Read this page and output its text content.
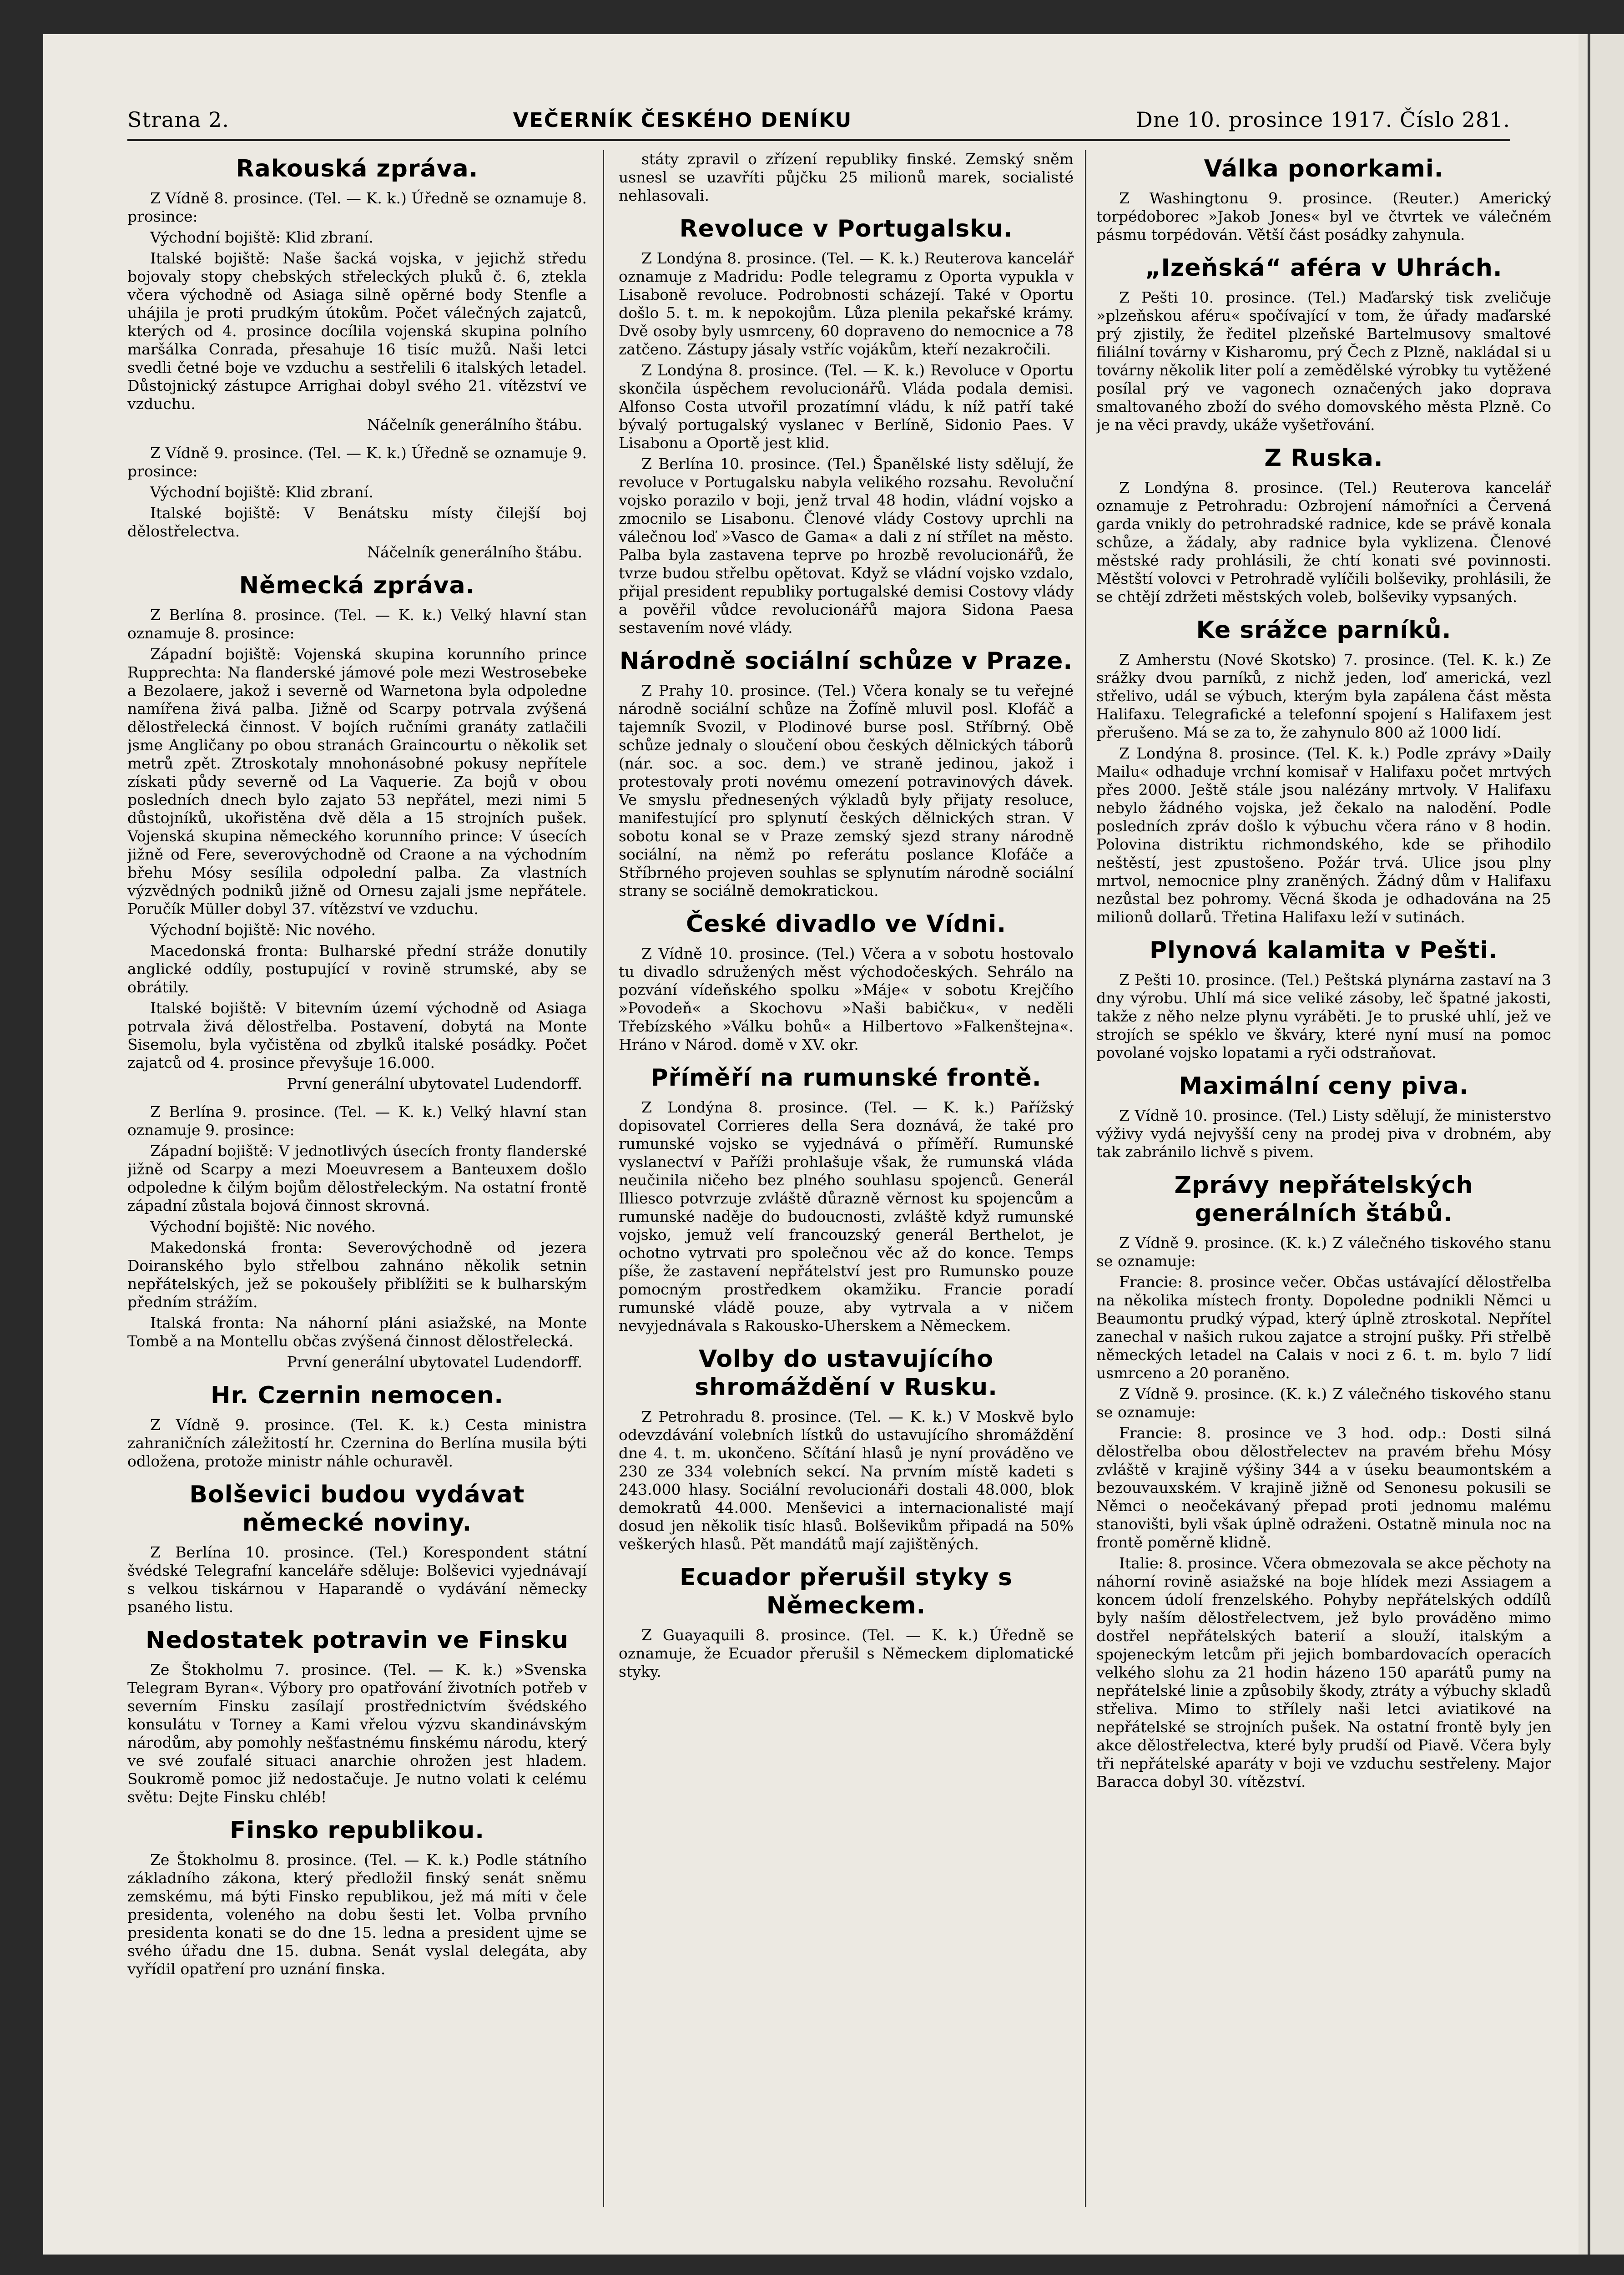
Strana 2.	VEČERNÍK ČESKÉHO DENÍKU	Dne 10. prosince 1917. Číslo 281.
Rakouská zpráva.

Z Vídně 8. prosince. (Tel. — K. k.) Úředně se oznamuje 8. prosince:

Východní bojiště: Klid zbraní.

Italské bojiště: Naše šacká vojska, v jejichž středu bojovaly stopy chebských střeleckých pluků č. 6, ztekla včera východně od Asiaga silně opěrné body Stenfle a uhájila je proti prudkým útokům. Počet válečných zajatců, kterých od 4. prosince docílila vojenská skupina polního maršálka Conrada, přesahuje 16 tisíc mužů. Naši letci svedli četné boje ve vzduchu a sestřelili 6 italských letadel. Důstojnický zástupce Arrighai dobyl svého 21. vítězství ve vzduchu.

Náčelník generálního štábu.

Z Vídně 9. prosince. (Tel. — K. k.) Úředně se oznamuje 9. prosince:

Východní bojiště: Klid zbraní.

Italské bojiště: V Benátsku místy čilejší boj dělostřelectva.

Náčelník generálního štábu.
Německá zpráva.

Z Berlína 8. prosince. (Tel. — K. k.) Velký hlavní stan oznamuje 8. prosince:

Západní bojiště: Vojenská skupina korunního prince Rupprechta: Na flanderské jámové pole mezi Westrosebeke a Bezolaere, jakož i severně od Warnetona byla odpoledne namířena živá palba. Jižně od Scarpy potrvala zvýšená dělostřelecká činnost. V bojích ručními granáty zatlačili jsme Angličany po obou stranách Graincourtu o několik set metrů zpět. Ztroskotaly mnohonásobné pokusy nepřítele získati půdy severně od La Vaquerie. Za bojů v obou posledních dnech bylo zajato 53 nepřátel, mezi nimi 5 důstojníků, ukořistěna dvě děla a 15 strojních pušek. Vojenská skupina německého korunního prince: V úsecích jižně od Fere, severovýchodně od Craone a na východním břehu Mósy sesílila odpolední palba. Za vlastních výzvědných podniků jižně od Ornesu zajali jsme nepřátele. Poručík Müller dobyl 37. vítězství ve vzduchu.

Východní bojiště: Nic nového.

Macedonská fronta: Bulharské přední stráže donutily anglické oddíly, postupující v rovině strumské, aby se obrátily.

Italské bojiště: V bitevním území východně od Asiaga potrvala živá dělostřelba. Postavení, dobytá na Monte Sisemolu, byla vyčistěna od zbylků italské posádky. Počet zajatců od 4. prosince převyšuje 16.000.

První generální ubytovatel Ludendorff.

Z Berlína 9. prosince. (Tel. — K. k.) Velký hlavní stan oznamuje 9. prosince:

Západní bojiště: V jednotlivých úsecích fronty flanderské jižně od Scarpy a mezi Moeuvresem a Banteuxem došlo odpoledne k čilým bojům dělostřeleckým. Na ostatní frontě západní zůstala bojová činnost skrovná.

Východní bojiště: Nic nového.

Makedonská fronta: Severovýchodně od jezera Doiranského bylo střelbou zahnáno několik setnin nepřátelských, jež se pokoušely přiblížiti se k bulharským předním strážím.

Italská fronta: Na náhorní pláni asiažské, na Monte Tombě a na Montellu občas zvýšená činnost dělostřelecká.

První generální ubytovatel Ludendorff.
Hr. Czernin nemocen.

Z Vídně 9. prosince. (Tel. K. k.) Cesta ministra zahraničních záležitostí hr. Czernina do Berlína musila býti odložena, protože ministr náhle ochuravěl.

Bolševici budou vydávat německé noviny.

Z Berlína 10. prosince. (Tel.) Korespondent státní švédské Telegrafní kanceláře sděluje: Bolševici vyjednávají s velkou tiskárnou v Haparandě o vydávání německy psaného listu.

Nedostatek potravin ve Finsku

Ze Štokholmu 7. prosince. (Tel. — K. k.) »Svenska Telegram Byran«. Výbory pro opatřování životních potřeb v severním Finsku zasílají prostřednictvím švédského konsulátu v Torney a Kami vřelou výzvu skandinávským národům, aby pomohly nešťastnému finskému národu, který ve své zoufalé situaci anarchie ohrožen jest hladem. Soukromě pomoc již nedostačuje. Je nutno volati k celému světu: Dejte Finsku chléb!

Finsko republikou.

Ze Štokholmu 8. prosince. (Tel. — K. k.) Podle státního základního zákona, který předložil finský senát sněmu zemskému, má býti Finsko republikou, jež má míti v čele presidenta, voleného na dobu šesti let. Volba prvního presidenta konati se do dne 15. ledna a president ujme se svého úřadu dne 15. dubna. Senát vyslal delegáta, aby vyřídil opatření pro uznání finska.

státy zpravil o zřízení republiky finské. Zemský sněm usnesl se uzavříti půjčku 25 milionů marek, socialisté nehlasovali.

Revoluce v Portugalsku.

Z Londýna 8. prosince. (Tel. — K. k.) Reuterova kancelář oznamuje z Madridu: Podle telegramu z Oporta vypukla v Lisaboně revoluce. Podrobnosti scházejí. Také v Oportu došlo 5. t. m. k nepokojům. Lůza plenila pekařské krámy. Dvě osoby byly usmrceny, 60 dopraveno do nemocnice a 78 zatčeno. Zástupy jásaly vstříc vojákům, kteří nezakročili.

Z Londýna 8. prosince. (Tel. — K. k.) Revoluce v Oportu skončila úspěchem revolucionářů. Vláda podala demisi. Alfonso Costa utvořil prozatímní vládu, k níž patří také bývalý portugalský vyslanec v Berlíně, Sidonio Paes. V Lisabonu a Oportě jest klid.

Z Berlína 10. prosince. (Tel.) Španělské listy sdělují, že revoluce v Portugalsku nabyla velikého rozsahu. Revoluční vojsko porazilo v boji, jenž trval 48 hodin, vládní vojsko a zmocnilo se Lisabonu. Členové vlády Costovy uprchli na válečnou loď »Vasco de Gama« a dali z ní střílet na město. Palba byla zastavena teprve po hrozbě revolucionářů, že tvrze budou střelbu opětovat. Když se vládní vojsko vzdalo, přijal president republiky portugalské demisi Costovy vlády a pověřil vůdce revolucionářů majora Sidona Paesa sestavením nové vlády.

Národně sociální schůze v Praze.

Z Prahy 10. prosince. (Tel.) Včera konaly se tu veřejné národně sociální schůze na Žofíně mluvil posl. Klofáč a tajemník Svozil, v Plodinové burse posl. Stříbrný. Obě schůze jednaly o sloučení obou českých dělnických táborů (nár. soc. a soc. dem.) ve straně jedinou, jakož i protestovaly proti novému omezení potravinových dávek. Ve smyslu přednesených výkladů byly přijaty resoluce, manifestující pro splynutí českých dělnických stran. V sobotu konal se v Praze zemský sjezd strany národně sociální, na němž po referátu poslance Klofáče a Stříbrného projeven souhlas se splynutím národně sociální strany se sociálně demokratickou.

České divadlo ve Vídni.

Z Vídně 10. prosince. (Tel.) Včera a v sobotu hostovalo tu divadlo sdružených měst východočeských. Sehrálo na pozvání vídeňského spolku »Máje« v sobotu Krejčího »Povodeň« a Skochovu »Naši babičku«, v neděli Třebízského »Válku bohů« a Hilbertovo »Falkenštejna«. Hráno v Národ. domě v XV. okr.

Příměří na rumunské frontě.

Z Londýna 8. prosince. (Tel. — K. k.) Pařížský dopisovatel Corrieres della Sera doznává, že také pro rumunské vojsko se vyjednává o příměří. Rumunské vyslanectví v Paříži prohlašuje však, že rumunská vláda neučinila ničeho bez plného souhlasu spojenců. Generál Illiesco potvrzuje zvláště důrazně věrnost ku spojencům a rumunské naděje do budoucnosti, zvláště když rumunské vojsko, jemuž velí francouzský generál Berthelot, je ochotno vytrvati pro společnou věc až do konce. Temps píše, že zastavení nepřátelství jest pro Rumunsko pouze pomocným prostředkem okamžiku. Francie poradí rumunské vládě pouze, aby vytrvala a v ničem nevyjednávala s Rakousko-Uherskem a Německem.

Volby do ustavujícího shromáždění v Rusku.

Z Petrohradu 8. prosince. (Tel. — K. k.) V Moskvě bylo odevzdávání volebních lístků do ustavujícího shromáždění dne 4. t. m. ukončeno. Sčítání hlasů je nyní prováděno ve 230 ze 334 volebních sekcí. Na prvním místě kadeti s 243.000 hlasy. Sociální revolucionáři dostali 48.000, blok demokratů 44.000. Menševici a internacionalisté mají dosud jen několik tisíc hlasů. Bolševikům připadá na 50% veškerých hlasů. Pět mandátů mají zajištěných.

Ecuador přerušil styky s Německem.

Z Guayaquili 8. prosince. (Tel. — K. k.) Úředně se oznamuje, že Ecuador přerušil s Německem diplomatické styky.

Válka ponorkami.

Z Washingtonu 9. prosince. (Reuter.) Americký torpédoborec »Jakob Jones« byl ve čtvrtek ve válečném pásmu torpédován. Větší část posádky zahynula.

„Izeňská“ aféra v Uhrách.

Z Pešti 10. prosince. (Tel.) Maďarský tisk zveličuje »plzeňskou aféru« spočívající v tom, že úřady maďarské prý zjistily, že ředitel plzeňské Bartelmusovy smaltové filiální továrny v Kisharomu, prý Čech z Plzně, nakládal si u továrny několik liter polí a zemědělské výrobky tu vytěžené posílal prý ve vagonech označených jako doprava smaltovaného zboží do svého domovského města Plzně. Co je na věci pravdy, ukáže vyšetřování.

Z Ruska.

Z Londýna 8. prosince. (Tel.) Reuterova kancelář oznamuje z Petrohradu: Ozbrojení námořníci a Červená garda vnikly do petrohradské radnice, kde se právě konala schůze, a žádaly, aby radnice byla vyklizena. Členové městské rady prohlásili, že chtí konati své povinnosti. Městští volovci v Petrohradě vylíčili bolševiky, prohlásili, že se chtějí zdržeti městských voleb, bolševiky vypsaných.

Ke srážce parníků.

Z Amherstu (Nové Skotsko) 7. prosince. (Tel. K. k.) Ze srážky dvou parníků, z nichž jeden, loď americká, vezl střelivo, udál se výbuch, kterým byla zapálena část města Halifaxu. Telegrafické a telefonní spojení s Halifaxem jest přerušeno. Má se za to, že zahynulo 800 až 1000 lidí.

Z Londýna 8. prosince. (Tel. K. k.) Podle zprávy »Daily Mailu« odhaduje vrchní komisař v Halifaxu počet mrtvých přes 2000. Ještě stále jsou nalézány mrtvoly. V Halifaxu nebylo žádného vojska, jež čekalo na nalodění. Podle posledních zpráv došlo k výbuchu včera ráno v 8 hodin. Polovina distriktu richmondského, kde se přihodilo neštěstí, jest zpustošeno. Požár trvá. Ulice jsou plny mrtvol, nemocnice plny zraněných. Žádný dům v Halifaxu nezůstal bez pohromy. Věcná škoda je odhadována na 25 milionů dollarů. Třetina Halifaxu leží v sutinách.

Plynová kalamita v Pešti.

Z Pešti 10. prosince. (Tel.) Peštská plynárna zastaví na 3 dny výrobu. Uhlí má sice veliké zásoby, leč špatné jakosti, takže z něho nelze plynu vyráběti. Je to pruské uhlí, jež ve strojích se spéklo ve škváry, které nyní musí na pomoc povolané vojsko lopatami a ryči odstraňovat.

Maximální ceny piva.

Z Vídně 10. prosince. (Tel.) Listy sdělují, že ministerstvo výživy vydá nejvyšší ceny na prodej piva v drobném, aby tak zabránilo lichvě s pivem.

Zprávy nepřátelských generálních štábů.

Z Vídně 9. prosince. (K. k.) Z válečného tiskového stanu se oznamuje:

Francie: 8. prosince večer. Občas ustávající dělostřelba na několika místech fronty. Dopoledne podnikli Němci u Beaumontu prudký výpad, který úplně ztroskotal. Nepřítel zanechal v našich rukou zajatce a strojní pušky. Při střelbě německých letadel na Calais v noci z 6. t. m. bylo 7 lidí usmrceno a 20 poraněno.

Z Vídně 9. prosince. (K. k.) Z válečného tiskového stanu se oznamuje:

Francie: 8. prosince ve 3 hod. odp.: Dosti silná dělostřelba obou dělostřelectev na pravém břehu Mósy zvláště v krajině výšiny 344 a v úseku beaumontském a bezouvauxském. V krajině jižně od Senonesu pokusili se Němci o neočekávaný přepad proti jednomu malému stanovišti, byli však úplně odraženi. Ostatně minula noc na frontě poměrně klidně.

Italie: 8. prosince. Včera obmezovala se akce pěchoty na náhorní rovině asiažské na boje hlídek mezi Assiagem a koncem údolí frenzelského. Pohyby nepřátelských oddílů byly naším dělostřelectvem, jež bylo prováděno mimo dostřel nepřátelských baterií a slouží, italským a spojeneckým letcům při jejich bombardovacích operacích velkého slohu za 21 hodin házeno 150 aparátů pumy na nepřátelské linie a způsobily škody, ztráty a výbuchy skladů střeliva. Mimo to střílely naši letci aviatikové na nepřátelské se strojních pušek. Na ostatní frontě byly jen akce dělostřelectva, které byly prudší od Piavě. Včera byly tři nepřátelské aparáty v boji ve vzduchu sestřeleny. Major Baracca dobyl 30. vítězství.
